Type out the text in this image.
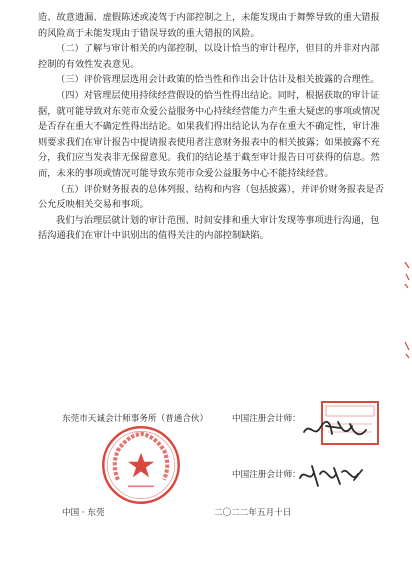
造、故意遗漏、虚假陈述或凌驾于内部控制之上，未能发现由于舞弊导致的重大错报的风险高于未能发现由于错误导致的重大错报的风险。

（二）了解与审计相关的内部控制，以设计恰当的审计程序，但目的并非对内部控制的有效性发表意见。

（三）评价管理层选用会计政策的恰当性和作出会计估计及相关披露的合理性。

（四）对管理层使用持续经营假设的恰当性得出结论。同时，根据获取的审计证据，就可能导致对东莞市众爱公益服务中心持续经营能力产生重大疑虑的事项或情况是否存在重大不确定性得出结论。如果我们得出结论认为存在重大不确定性，审计准则要求我们在审计报告中提请报表使用者注意财务报表中的相关披露；如果披露不充分，我们应当发表非无保留意见。我们的结论基于截至审计报告日可获得的信息。然而，未来的事项或情况可能导致东莞市众爱公益服务中心不能持续经营。

（五）评价财务报表的总体列报、结构和内容（包括披露），并评价财务报表是否公允反映相关交易和事项。

我们与治理层就计划的审计范围、时间安排和重大审计发现等事项进行沟通，包括沟通我们在审计中识别出的值得关注的内部控制缺陷。

东莞市天诚会计师事务所（普通合伙）	中国注册会计师：
中国注册会计师：
中国 · 东莞	二〇二二年五月十日
